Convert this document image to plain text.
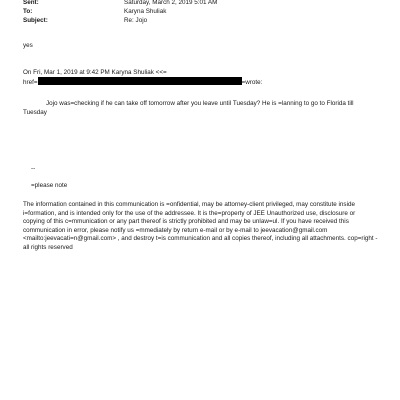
Sent:	Saturday, March 2, 2019 5:01 AM
To:	Karyna Shuliak
Subject:	Re: Jojo
yes
On Fri, Mar 1, 2019 at 9:42 PM Karyna Shuliak <<=
href=	=wrote:
Jojo was=checking if he can take off tomorrow after you leave until Tuesday? He is =lanning to go to Florida till
Tuesday
--
=please note
The information contained in this communication is =onfidential, may be attorney-client privileged, may constitute inside i=formation, and is intended only for the use of the addressee. It is the=property of JEE Unauthorized use, disclosure or copying of this c=mmunication or any part thereof is strictly prohibited and may be unlaw=ul. If you have received this communication in error, please notify us =mmediately by return e-mail or by e-mail to jeevacation@gmail.com <mailto:jeevacati=n@gmail.com> , and destroy t=is communication and all copies thereof, including all attachments. cop=right -all rights reserved
